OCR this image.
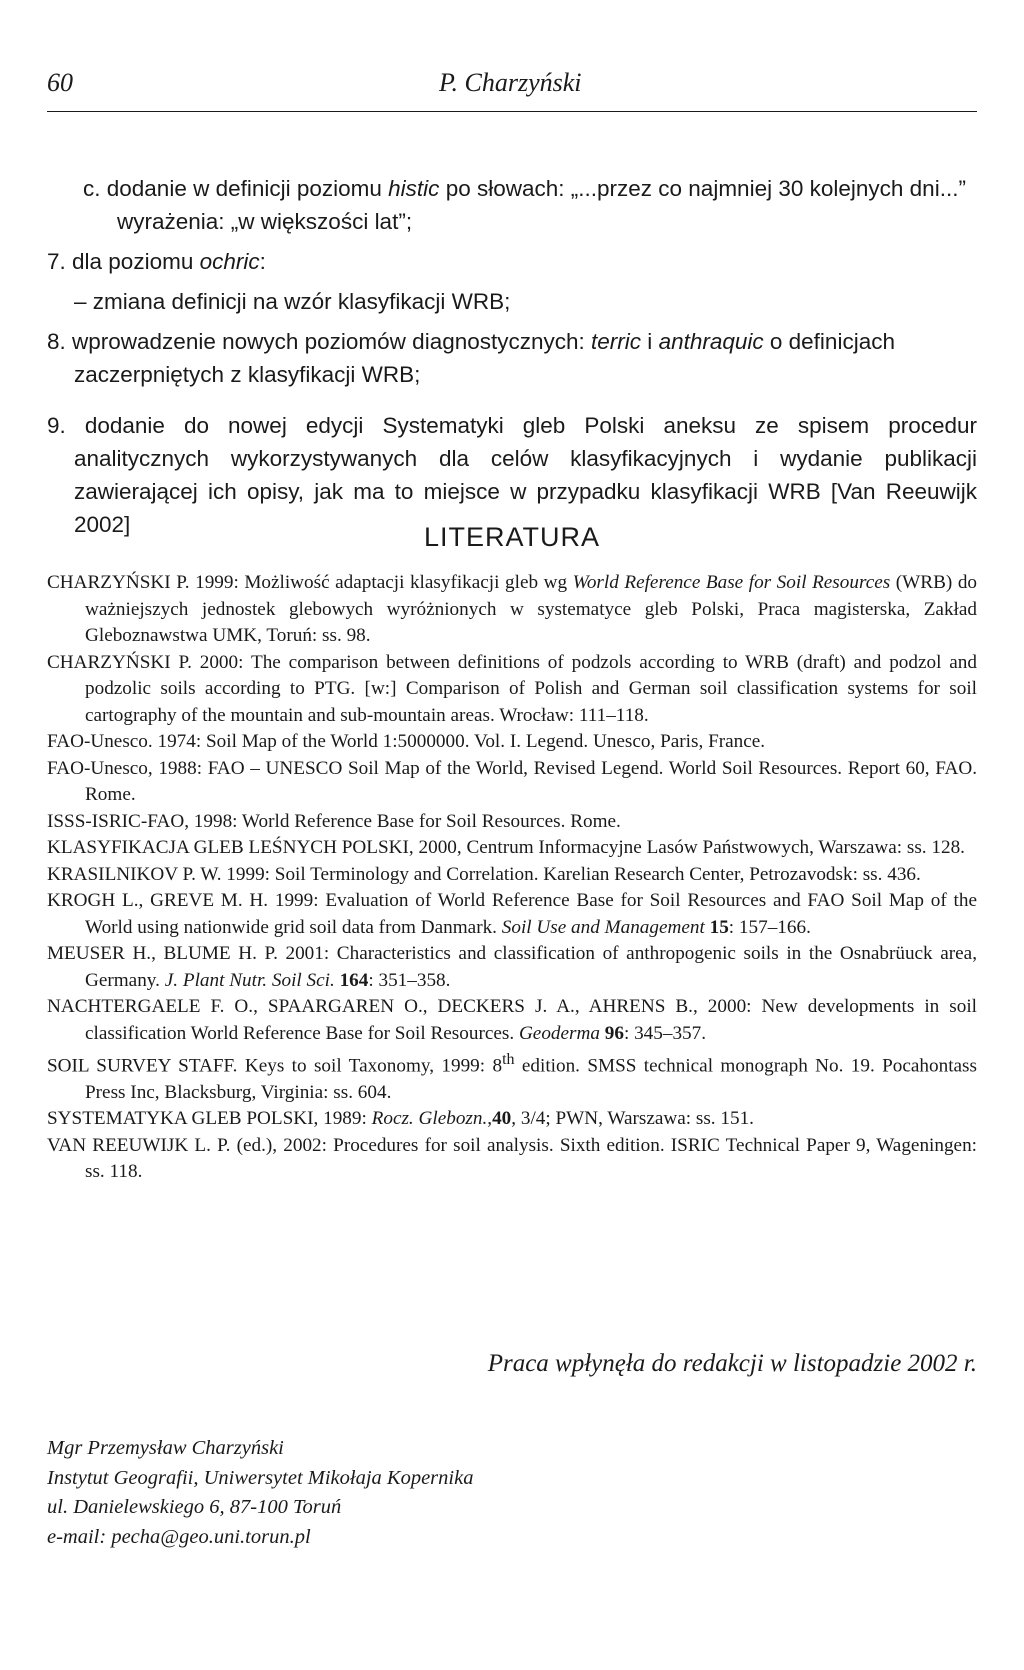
60	P. Charzyński

c. dodanie w definicji poziomu histic po słowach: „...przez co najmniej 30 kolejnych dni...” wyrażenia: „w większości lat”;

7. dla poziomu ochric:

– zmiana definicji na wzór klasyfikacji WRB;

8. wprowadzenie nowych poziomów diagnostycznych: terric i anthraquic o definicjach zaczerpniętych z klasyfikacji WRB;

9. dodanie do nowej edycji Systematyki gleb Polski aneksu ze spisem procedur analitycznych wykorzystywanych dla celów klasyfikacyjnych i wydanie publikacji zawierającej ich opisy, jak ma to miejsce w przypadku klasyfikacji WRB [Van Reeuwijk 2002]	LITERATURA

CHARZYŃSKI P. 1999: Możliwość adaptacji klasyfikacji gleb wg World Reference Base for Soil Resources (WRB) do ważniejszych jednostek glebowych wyróżnionych w systematyce gleb Polski, Praca magisterska, Zakład Gleboznawstwa UMK, Toruń: ss. 98.

CHARZYŃSKI P. 2000: The comparison between definitions of podzols according to WRB (draft) and podzol and podzolic soils according to PTG. [w:] Comparison of Polish and German soil classification systems for soil cartography of the mountain and sub-mountain areas. Wrocław: 111–118.

FAO-Unesco. 1974: Soil Map of the World 1:5000000. Vol. I. Legend. Unesco, Paris, France.

FAO-Unesco, 1988: FAO – UNESCO Soil Map of the World, Revised Legend. World Soil Resources. Report 60, FAO. Rome.

ISSS-ISRIC-FAO, 1998: World Reference Base for Soil Resources. Rome.

KLASYFIKACJA GLEB LEŚNYCH POLSKI, 2000, Centrum Informacyjne Lasów Państwowych, Warszawa: ss. 128.

KRASILNIKOV P. W. 1999: Soil Terminology and Correlation. Karelian Research Center, Petrozavodsk: ss. 436.

KROGH L., GREVE M. H. 1999: Evaluation of World Reference Base for Soil Resources and FAO Soil Map of the World using nationwide grid soil data from Danmark. Soil Use and Management 15: 157–166.

MEUSER H., BLUME H. P. 2001: Characteristics and classification of anthropogenic soils in the Osnabrüuck area, Germany. J. Plant Nutr. Soil Sci. 164: 351–358.

NACHTERGAELE F. O., SPAARGAREN O., DECKERS J. A., AHRENS B., 2000: New developments in soil classification World Reference Base for Soil Resources. Geoderma 96: 345–357.

SOIL SURVEY STAFF. Keys to soil Taxonomy, 1999: 8th edition. SMSS technical monograph No. 19. Pocahontass Press Inc, Blacksburg, Virginia: ss. 604.

SYSTEMATYKA GLEB POLSKI, 1989: Rocz. Glebozn.,40, 3/4; PWN, Warszawa: ss. 151.

VAN REEUWIJK L. P. (ed.), 2002: Procedures for soil analysis. Sixth edition. ISRIC Technical Paper 9, Wageningen: ss. 118.

Praca wpłynęła do redakcji w listopadzie 2002 r.
Mgr Przemysław Charzyński
Instytut Geografii, Uniwersytet Mikołaja Kopernika
ul. Danielewskiego 6, 87-100 Toruń
e-mail: pecha@geo.uni.torun.pl
